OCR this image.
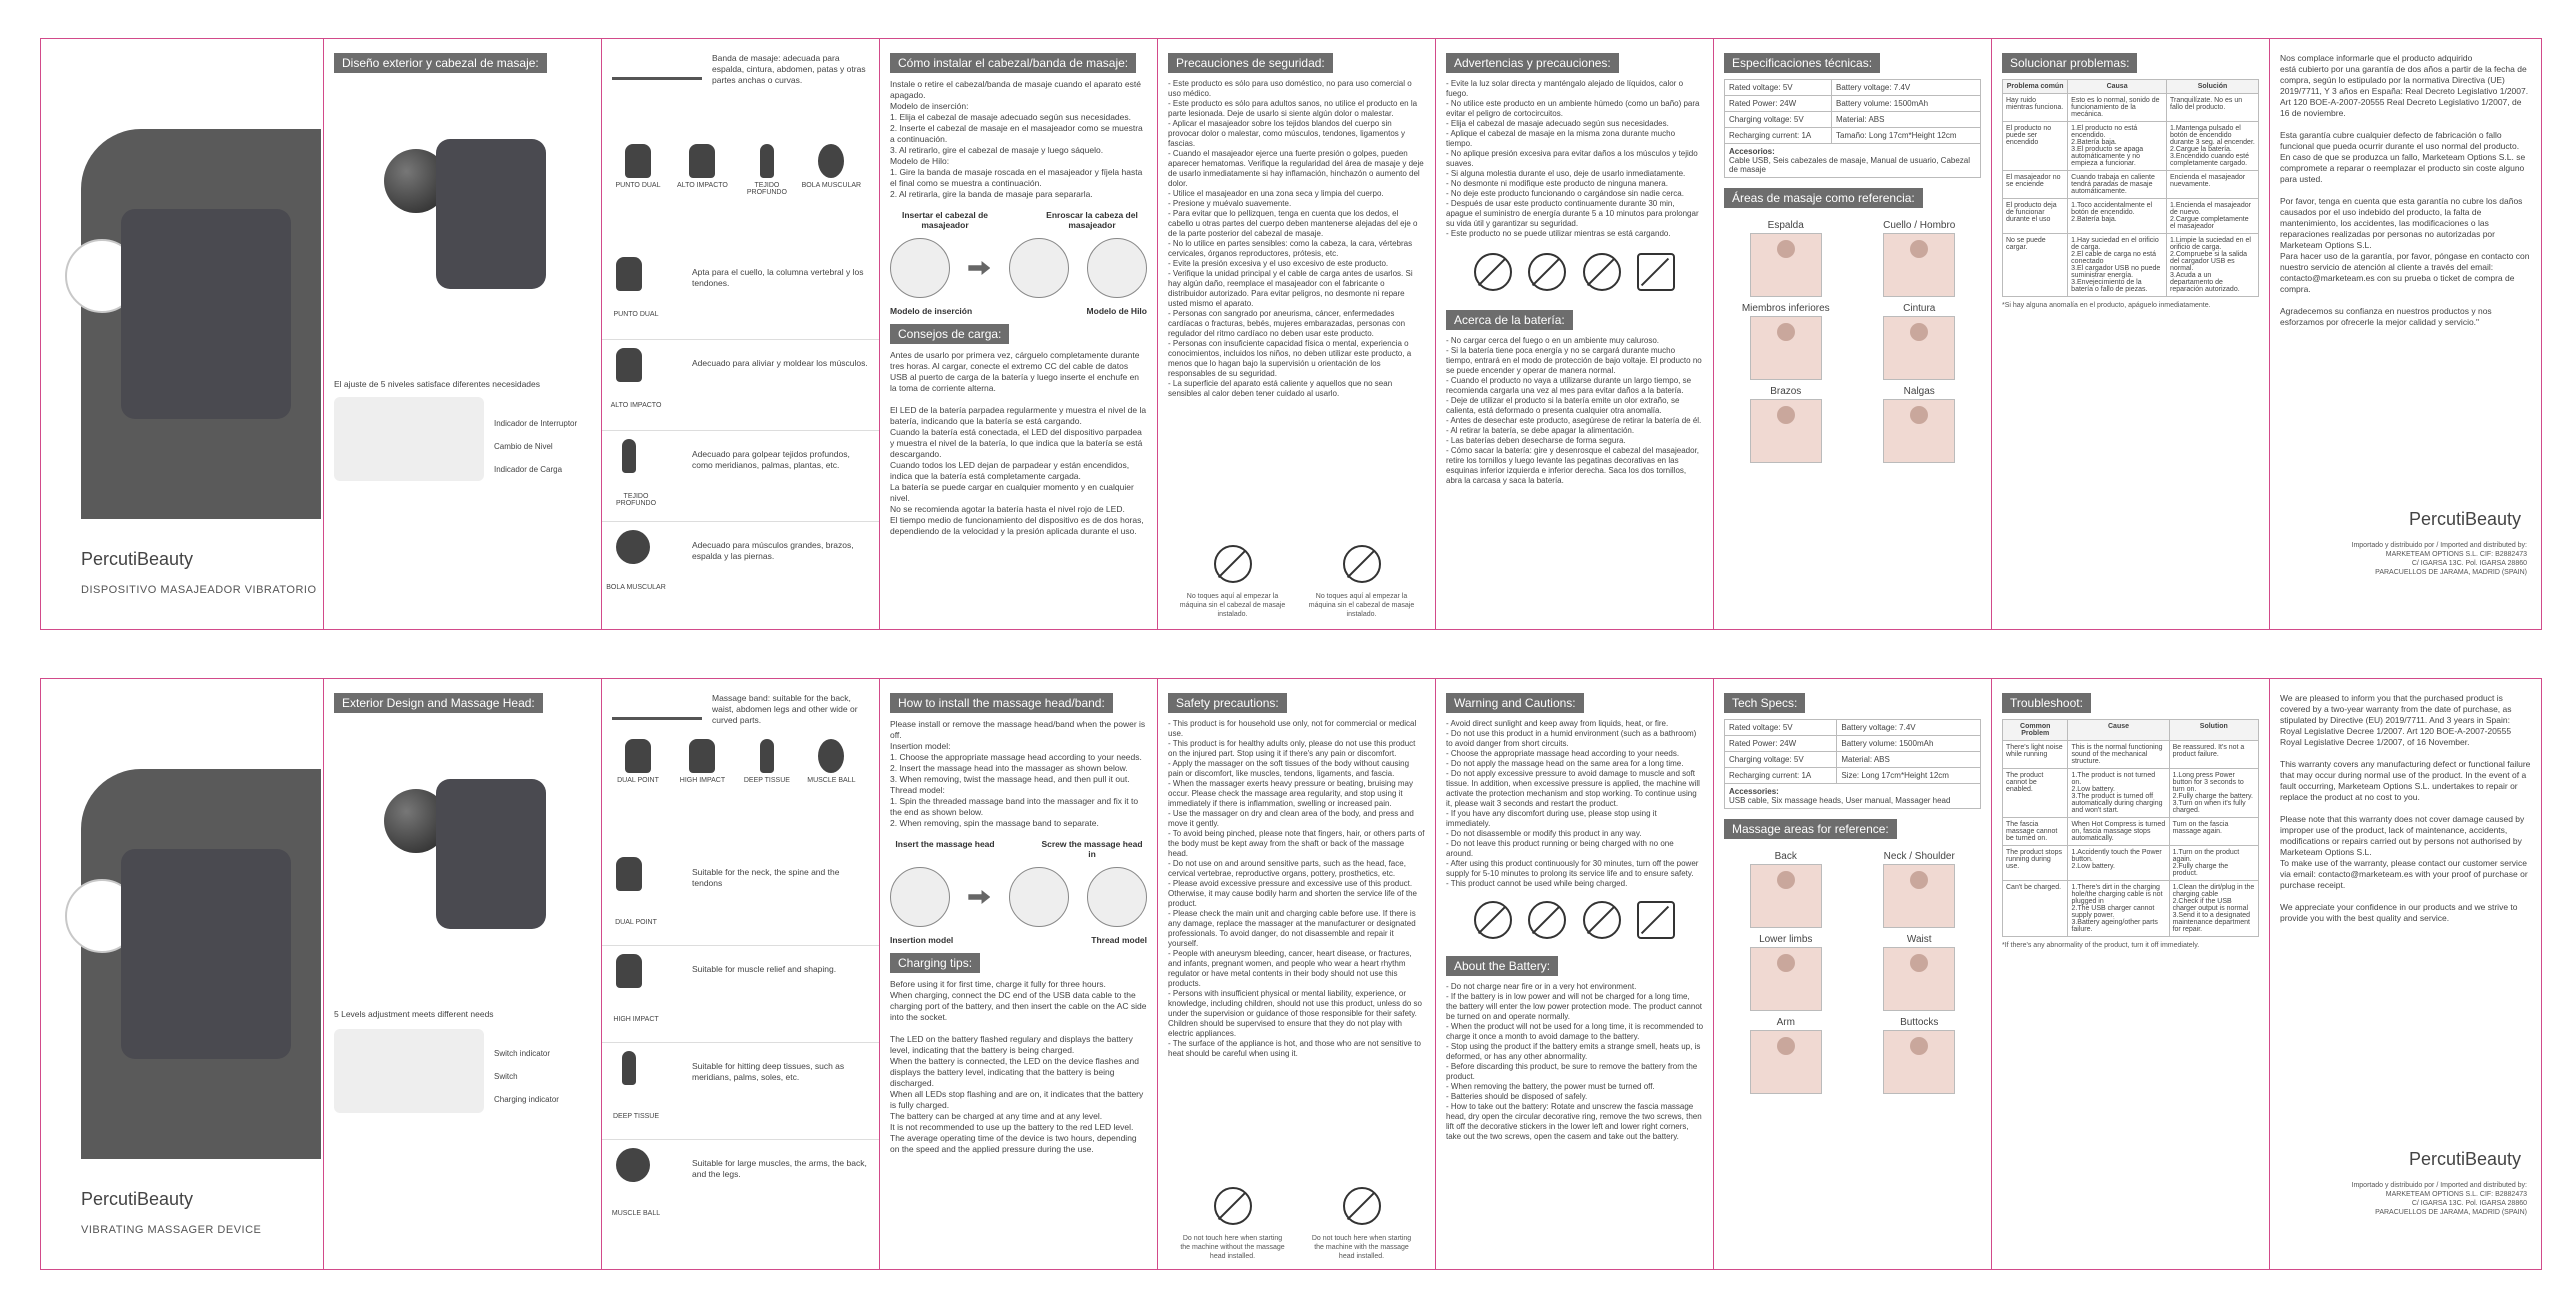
PercutiBeauty
DISPOSITIVO MASAJEADOR VIBRATORIO
Diseño exterior y cabezal de masaje:
El ajuste de 5 niveles satisface diferentes necesidades
Indicador de Interruptor
Cambio de Nivel
Indicador de Carga
Banda de masaje: adecuada para espalda, cintura, abdomen, patas y otras partes anchas o curvas.
PUNTO DUAL ALTO IMPACTO	TEJIDO PROFUNDO
BOLA MUSCULAR
PUNTO DUAL
Apta para el cuello, la columna vertebral y los tendones.
ALTO IMPACTO
Adecuado para aliviar y moldear los músculos.
TEJIDO PROFUNDO
Adecuado para golpear tejidos profundos, como meridianos, palmas, plantas, etc.
BOLA MUSCULAR
Adecuado para músculos grandes, brazos, espalda y las piernas.
Cómo instalar el cabezal/banda de masaje:
Instale o retire el cabezal/banda de masaje cuando el aparato esté apagado.
Modelo de inserción:
1. Elija el cabezal de masaje adecuado según sus necesidades.
2. Inserte el cabezal de masaje en el masajeador como se muestra a continuación.
3. Al retirarlo, gire el cabezal de masaje y luego sáquelo.
Modelo de Hilo:
1. Gire la banda de masaje roscada en el masajeador y fíjela hasta el final como se muestra a continuación.
2. Al retirarla, gire la banda de masaje para separarla.
Insertar el cabezal de masajeador
Enroscar la cabeza del masajeador
Modelo de inserción	Modelo de Hilo
Consejos de carga:
Antes de usarlo por primera vez, cárguelo completamente durante tres horas. Al cargar, conecte el extremo CC del cable de datos USB al puerto de carga de la batería y luego inserte el enchufe en la toma de corriente alterna.

El LED de la batería parpadea regularmente y muestra el nivel de la batería, indicando que la batería se está cargando.
Cuando la batería está conectada, el LED del dispositivo parpadea y muestra el nivel de la batería, lo que indica que la batería se está descargando.
Cuando todos los LED dejan de parpadear y están encendidos, indica que la batería está completamente cargada.
La batería se puede cargar en cualquier momento y en cualquier nivel.
No se recomienda agotar la batería hasta el nivel rojo de LED.
El tiempo medio de funcionamiento del dispositivo es de dos horas, dependiendo de la velocidad y la presión aplicada durante el uso.
Precauciones de seguridad:
- Este producto es sólo para uso doméstico, no para uso comercial o uso médico.
- Este producto es sólo para adultos sanos, no utilice el producto en la parte lesionada. Deje de usarlo si siente algún dolor o malestar.
- Aplicar el masajeador sobre los tejidos blandos del cuerpo sin provocar dolor o malestar, como músculos, tendones, ligamentos y fascias.
- Cuando el masajeador ejerce una fuerte presión o golpes, pueden aparecer hematomas. Verifique la regularidad del área de masaje y deje de usarlo inmediatamente si hay inflamación, hinchazón o aumento del dolor.
- Utilice el masajeador en una zona seca y limpia del cuerpo.
- Presione y muévalo suavemente.
- Para evitar que lo pellizquen, tenga en cuenta que los dedos, el cabello u otras partes del cuerpo deben mantenerse alejadas del eje o de la parte posterior del cabezal de masaje.
- No lo utilice en partes sensibles: como la cabeza, la cara, vértebras cervicales, órganos reproductores, prótesis, etc.
- Evite la presión excesiva y el uso excesivo de este producto.
- Verifique la unidad principal y el cable de carga antes de usarlos. Si hay algún daño, reemplace el masajeador con el fabricante o distribuidor autorizado. Para evitar peligros, no desmonte ni repare usted mismo el aparato.
- Personas con sangrado por aneurisma, cáncer, enfermedades cardíacas o fracturas, bebés, mujeres embarazadas, personas con regulador del ritmo cardíaco no deben usar este producto.
- Personas con insuficiente capacidad física o mental, experiencia o conocimientos, incluidos los niños, no deben utilizar este producto, a menos que lo hagan bajo la supervisión u orientación de los responsables de su seguridad.
- La superficie del aparato está caliente y aquellos que no sean sensibles al calor deben tener cuidado al usarlo.
No toques aquí al empezar la máquina sin el cabezal de masaje instalado.
No toques aquí al empezar la máquina sin el cabezal de masaje instalado.
Advertencias y precauciones:
- Evite la luz solar directa y manténgalo alejado de líquidos, calor o fuego.
- No utilice este producto en un ambiente húmedo (como un baño) para evitar el peligro de cortocircuitos.
- Elija el cabezal de masaje adecuado según sus necesidades.
- Aplique el cabezal de masaje en la misma zona durante mucho tiempo.
- No aplique presión excesiva para evitar daños a los músculos y tejido suaves.
- Si alguna molestia durante el uso, deje de usarlo inmediatamente.
- No desmonte ni modifique este producto de ninguna manera.
- No deje este producto funcionando o cargándose sin nadie cerca.
- Después de usar este producto continuamente durante 30 min, apague el suministro de energía durante 5 a 10 minutos para prolongar su vida útil y garantizar su seguridad.
- Este producto no se puede utilizar mientras se está cargando.

Acerca de la batería:
- No cargar cerca del fuego o en un ambiente muy caluroso.
- Si la batería tiene poca energía y no se cargará durante mucho tiempo, entrará en el modo de protección de bajo voltaje. El producto no se puede encender y operar de manera normal.
- Cuando el producto no vaya a utilizarse durante un largo tiempo, se recomienda cargarla una vez al mes para evitar daños a la batería.
- Deje de utilizar el producto si la batería emite un olor extraño, se calienta, está deformado o presenta cualquier otra anomalía.
- Antes de desechar este producto, asegúrese de retirar la batería de él.
- Al retirar la batería, se debe apagar la alimentación.
- Las baterías deben desecharse de forma segura.
- Cómo sacar la batería: gire y desenrosque el cabezal del masajeador, retire los tornillos y luego levante las pegatinas decorativas en las esquinas inferior izquierda e inferior derecha. Saca los dos tornillos, abra la carcasa y saca la batería.
Especificaciones técnicas:
Rated voltage: 5V	Battery voltage: 7.4V
Rated Power: 24W	Battery volume: 1500mAh
Charging voltage: 5V	Material: ABS
Recharging current: 1A	Tamaño: Long 17cm*Height 12cm
Accesorios:
Cable USB, Seis cabezales de masaje, Manual de usuario, Cabezal de masaje	
Áreas de masaje como referencia:
Espalda	Cuello / Hombro
Miembros inferiores	Cintura
Brazos	Nalgas
Solucionar problemas:
Problema común	Causa	Solución
Hay ruido mientras funciona.	Esto es lo normal, sonido de funcionamiento de la mecánica.	Tranquilízate. No es un fallo del producto.
El producto no puede ser encendido	1.El producto no está encendido.
2.Batería baja.
3.El producto se apaga automáticamente y no empieza a funcionar.	1.Mantenga pulsado el botón de encendido durante 3 seg. al encender.
2.Cargue la batería.
3.Encendido cuando esté completamente cargado.
El masajeador no se enciende	Cuando trabaja en caliente tendrá paradas de masaje automáticamente.	Encienda el masajeador nuevamente.
El producto deja de funcionar durante el uso	1.Toco accidentalmente el botón de encendido.
2.Batería baja.	1.Encienda el masajeador de nuevo.
2.Cargue completamente el masajeador
No se puede cargar.	1.Hay suciedad en el orificio de carga.
2.El cable de carga no está conectado
3.El cargador USB no puede suministrar energía.
3.Envejecimiento de la batería o fallo de piezas.	1.Limpie la suciedad en el orificio de carga.
2.Compruebe si la salida del cargador USB es normal.
3.Acuda a un departamento de reparación autorizado.
*Si hay alguna anomalía en el producto, apáguelo inmediatamente.
Nos complace informarle que el producto adquirido
está cubierto por una garantía de dos años a partir de la fecha de compra, según lo estipulado por la normativa Directiva (UE) 2019/7711, Y 3 años en España: Real Decreto Legislativo 1/2007. Art 120 BOE-A-2007-20555 Real Decreto Legislativo 1/2007, de 16 de noviembre.

Esta garantía cubre cualquier defecto de fabricación o fallo funcional que pueda ocurrir durante el uso normal del producto. En caso de que se produzca un fallo, Marketeam Options S.L. se compromete a reparar o reemplazar el producto sin coste alguno para usted.

Por favor, tenga en cuenta que esta garantía no cubre los daños causados por el uso indebido del producto, la falta de mantenimiento, los accidentes, las modificaciones o las reparaciones realizadas por personas no autorizadas por Marketeam Options S.L.
Para hacer uso de la garantía, por favor, póngase en contacto con nuestro servicio de atención al cliente a través del email: contacto@marketeam.es con su prueba o ticket de compra de compra.

Agradecemos su confianza en nuestros productos y nos esforzamos por ofrecerle la mejor calidad y servicio."
PercutiBeauty
Importado y distribuido por / Imported and distributed by:
MARKETEAM OPTIONS S.L. CIF: B2882473
C/ IGARSA 13C. Pol. IGARSA 28860
PARACUELLOS DE JARAMA, MADRID (SPAIN)
PercutiBeauty
VIBRATING MASSAGER DEVICE
Exterior Design and Massage Head:
5 Levels adjustment meets different needs
Switch indicator
Switch
Charging indicator
Massage band: suitable for the back, waist, abdomen legs and other wide or curved parts.
DUAL POINT	HIGH IMPACT	DEEP TISSUE MUSCLE BALL
DUAL POINT
Suitable for the neck, the spine and the tendons
HIGH IMPACT
Suitable for muscle relief and shaping.
DEEP TISSUE
Suitable for hitting deep tissues, such as meridians, palms, soles, etc.
MUSCLE BALL
Suitable for large muscles, the arms, the back, and the legs.
How to install the massage head/band:
Please install or remove the massage head/band when the power is off.
Insertion model:
1. Choose the appropriate massage head according to your needs.
2. Insert the massage head into the massager as shown below.
3. When removing, twist the massage head, and then pull it out.
Thread model:
1. Spin the threaded massage band into the massager and fix it to the end as shown below.
2. When removing, spin the massage band to separate.
Insert the massage head	Screw the massage head in
Insertion model	Thread model
Charging tips:
Before using it for first time, charge it fully for three hours.
When charging, connect the DC end of the USB data cable to the charging port of the battery, and then insert the cable on the AC side into the socket.

The LED on the battery flashed regulary and displays the battery level, indicating that the battery is being charged.
When the battery is connected, the LED on the device flashes and displays the battery level, indicating that the battery is being discharged.
When all LEDs stop flashing and are on, it indicates that the battery is fully charged.
The battery can be charged at any time and at any level.
It is not recommended to use up the battery to the red LED level.
The average operating time of the device is two hours, depending on the speed and the applied pressure during the use.
Safety precautions:
- This product is for household use only, not for commercial or medical use.
- This product is for healthy adults only, please do not use this product on the injured part. Stop using it if there's any pain or discomfort.
- Apply the massager on the soft tissues of the body without causing pain or discomfort, like muscles, tendons, ligaments, and fascia.
- When the massager exerts heavy pressure or beating, bruising may occur. Please check the massage area regularity, and stop using it immediately if there is inflammation, swelling or increased pain.
- Use the massager on dry and clean area of the body, and press and move it gently.
- To avoid being pinched, please note that fingers, hair, or others parts of the body must be kept away from the shaft or back of the massage head.
- Do not use on and around sensitive parts, such as the head, face, cervical vertebrae, reproductive organs, pottery, prosthetics, etc.
- Please avoid excessive pressure and excessive use of this product. Otherwise, it may cause bodily harm and shorten the service life of the product.
- Please check the main unit and charging cable before use. If there is any damage, replace the massager at the manufacturer or designated professionals. To avoid danger, do not disassemble and repair it yourself.
- People with aneurysm bleeding, cancer, heart disease, or fractures, and infants, pregnant women, and people who wear a heart rhythm regulator or have metal contents in their body should not use this products.
- Persons with insufficient physical or mental liability, experience, or knowledge, including children, should not use this product, unless do so under the supervision or guidance of those responsible for their safety. Children should be supervised to ensure that they do not play with electric appliances.
- The surface of the appliance is hot, and those who are not sensitive to heat should be careful when using it.
Do not touch here when starting the machine without the massage head installed.
Do not touch here when starting the machine with the massage head installed.
Warning and Cautions:
- Avoid direct sunlight and keep away from liquids, heat, or fire.
- Do not use this product in a humid environment (such as a bathroom) to avoid danger from short circuits.
- Choose the appropriate massage head according to your needs.
- Do not apply the massage head on the same area for a long time.
- Do not apply excessive pressure to avoid damage to muscle and soft tissue. In addition, when excessive pressure is applied, the machine will activate the protection mechanism and stop working. To continue using it, please wait 3 seconds and restart the product.
- If you have any discomfort during use, please stop using it immediately.
- Do not disassemble or modify this product in any way.
- Do not leave this product running or being charged with no one around.
- After using this product continuously for 30 minutes, turn off the power supply for 5-10 minutes to prolong its service life and to ensure safety.
- This product cannot be used while being charged.

About the Battery:
- Do not charge near fire or in a very hot environment.
- If the battery is in low power and will not be charged for a long time, the battery will enter the low power protection mode. The product cannot be turned on and operate normally.
- When the product will not be used for a long time, it is recommended to charge it once a month to avoid damage to the battery.
- Stop using the product if the battery emits a strange smell, heats up, is deformed, or has any other abnormality.
- Before discarding this product, be sure to remove the battery from the product.
- When removing the battery, the power must be turned off.
- Batteries should be disposed of safely.
- How to take out the battery: Rotate and unscrew the fascia massage head, dry open the circular decorative ring, remove the two screws, then lift off the decorative stickers in the lower left and lower right corners, take out the two screws, open the casem and take out the battery.
Tech Specs:
Rated voltage: 5V	Battery voltage: 7.4V
Rated Power: 24W	Battery volume: 1500mAh
Charging voltage: 5V	Material: ABS
Recharging current: 1A	Size: Long 17cm*Height 12cm
Accessories:
USB cable, Six massage heads, User manual, Massager head	
Massage areas for reference:
Back	Neck / Shoulder
Lower limbs	Waist
Arm	Buttocks
Troubleshoot:
Common Problem	Cause	Solution
There's light noise while running	This is the normal functioning sound of the mechanical structure.	Be reassured. It's not a product failure.
The product cannot be enabled.	1.The product is not turned on.
2.Low battery.
3.The product is turned off automatically during charging and won't start.	1.Long press Power button for 3 seconds to turn on.
2.Fully charge the battery.
3.Turn on when it's fully charged.
The fascia massage cannot be turned on.	When Hot Compress is turned on, fascia massage stops automatically.	Turn on the fascia massage again.
The product stops running during use.	1.Accidently touch the Power button.
2.Low battery.	1.Turn on the product again.
2.Fully charge the product.
Can't be charged.	1.There's dirt in the charging hole/the charging cable is not plugged in
2.The USB charger cannot supply power.
3.Battery ageing/other parts failure.	1.Clean the dirt/plug in the charging cable
2.Check if the USB charger output is normal
3.Send it to a designated maintenance department for repair.
*If there's any abnormality of the product, turn it off immediately.
We are pleased to inform you that the purchased product is covered by a two-year warranty from the date of purchase, as stipulated by Directive (EU) 2019/7711. And 3 years in Spain: Royal Legislative Decree 1/2007. Art 120 BOE-A-2007-20555 Royal Legislative Decree 1/2007, of 16 November.

This warranty covers any manufacturing defect or functional failure that may occur during normal use of the product. In the event of a fault occurring, Marketeam Options S.L. undertakes to repair or replace the product at no cost to you.

Please note that this warranty does not cover damage caused by improper use of the product, lack of maintenance, accidents, modifications or repairs carried out by persons not authorised by Marketeam Options S.L.
To make use of the warranty, please contact our customer service via email: contacto@marketeam.es with your proof of purchase or purchase receipt.

We appreciate your confidence in our products and we strive to provide you with the best quality and service.
PercutiBeauty
Importado y distribuido por / Imported and distributed by:
MARKETEAM OPTIONS S.L. CIF: B2882473
C/ IGARSA 13C. Pol. IGARSA 28860
PARACUELLOS DE JARAMA, MADRID (SPAIN)
